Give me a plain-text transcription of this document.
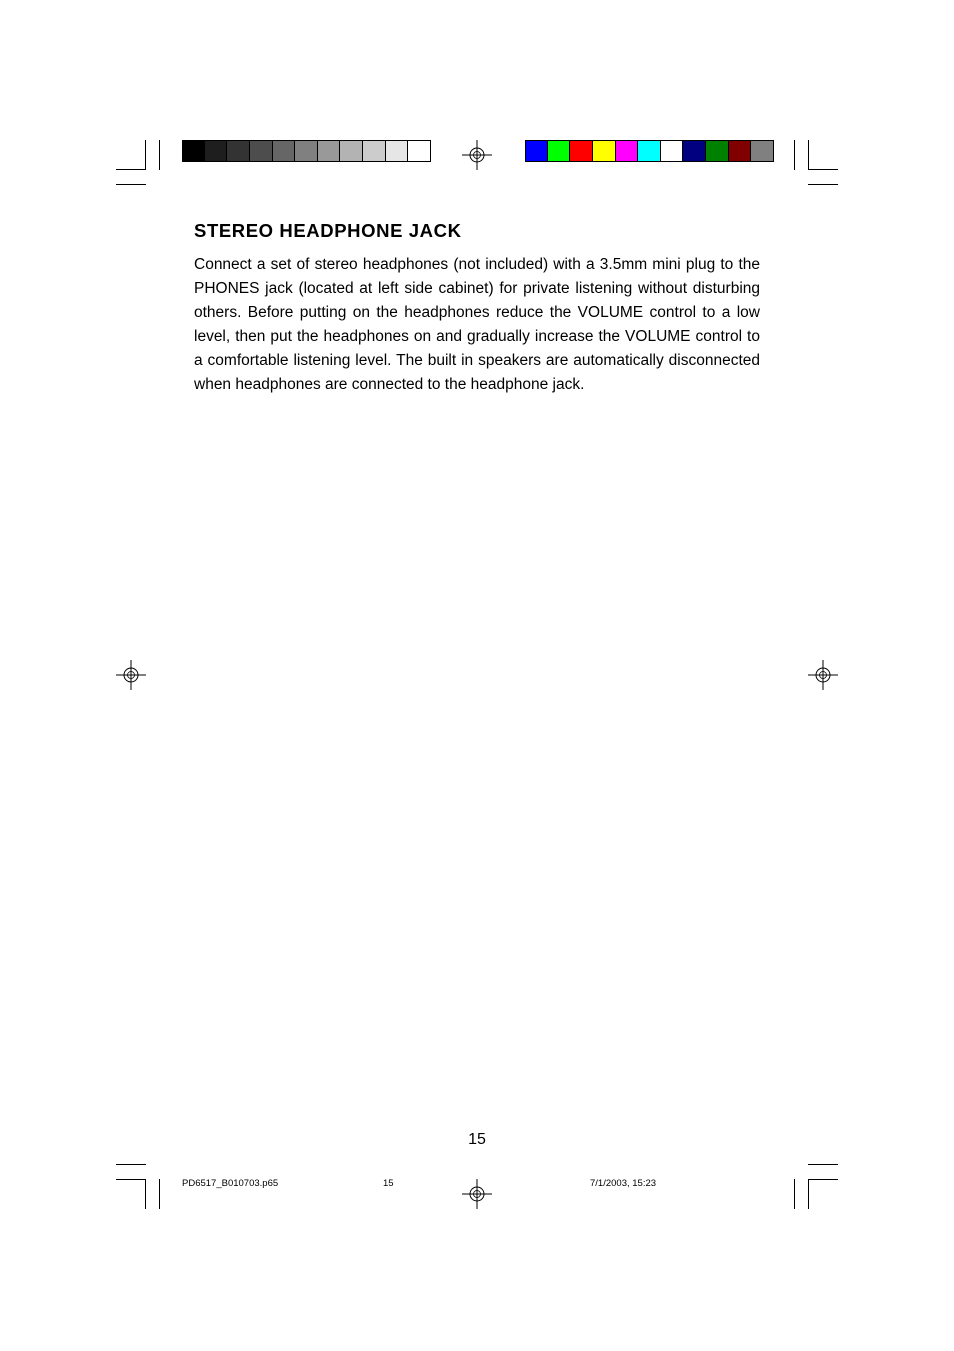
STEREO HEADPHONE JACK

Connect a set of stereo headphones (not included) with a 3.5mm mini plug to the PHONES jack (located at left side cabinet) for private listening without disturbing others. Before putting on the headphones reduce the VOLUME control to a low level, then put the headphones on and gradually increase the VOLUME control to a comfortable listening level. The built in speakers are automatically disconnected when headphones are connected to the headphone jack.

15
PD6517_B010703.p65	15	7/1/2003, 15:23
